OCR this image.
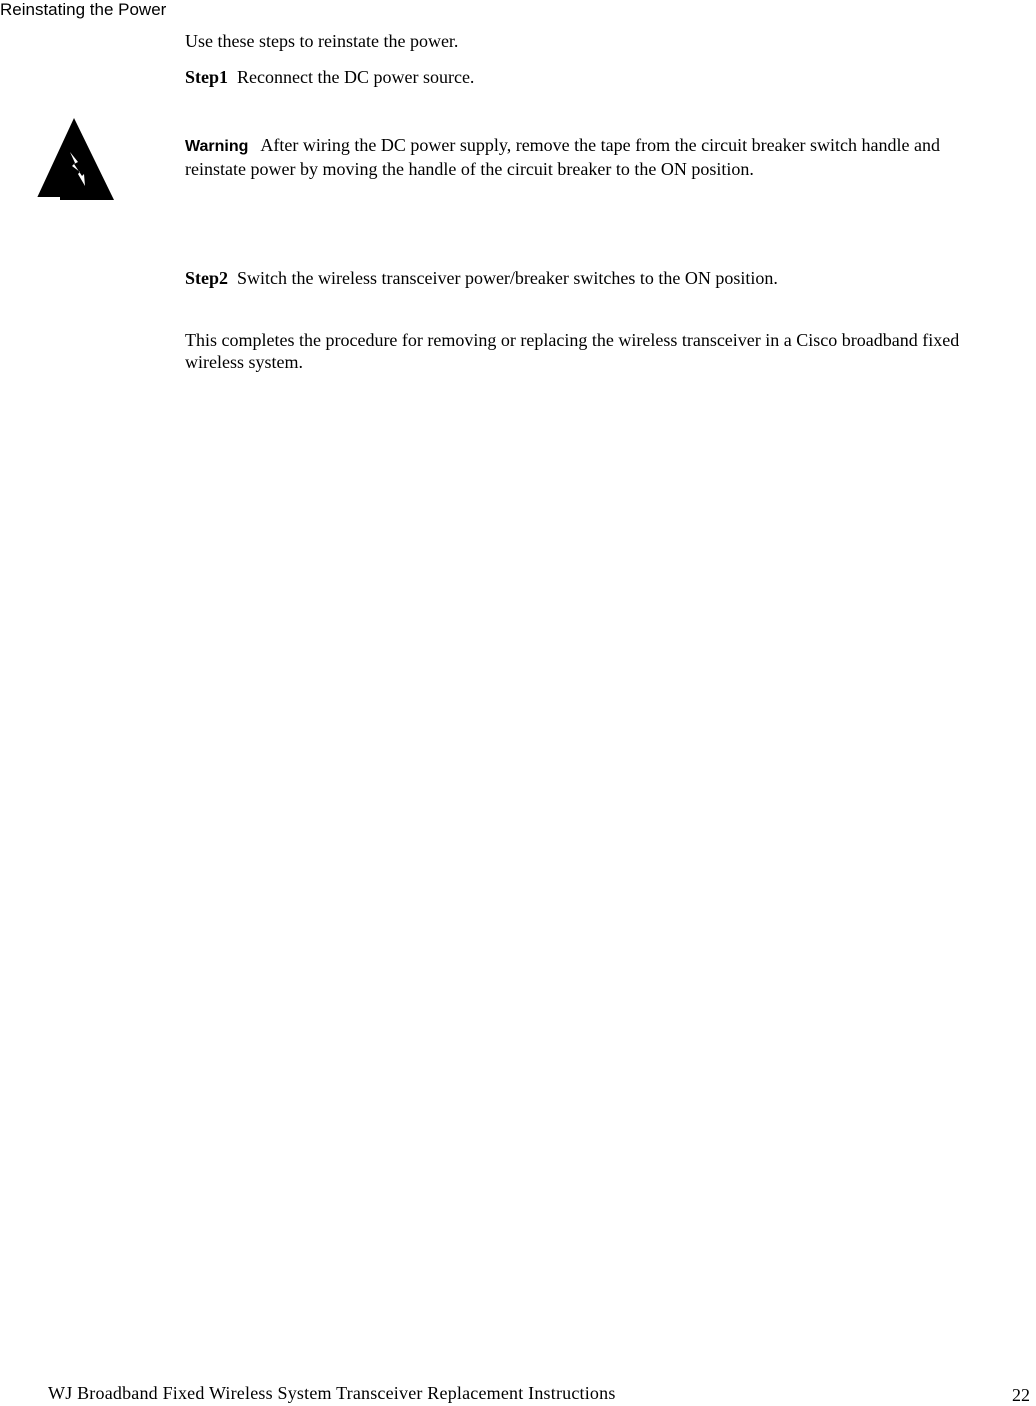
Reinstating the Power

Use these steps to reinstate the power.

Step1 Reconnect the DC power source.

Warning After wiring the DC power supply, remove the tape from the circuit breaker switch handle and reinstate power by moving the handle of the circuit breaker to the ON position.

Step2 Switch the wireless transceiver power/breaker switches to the ON position.

This completes the procedure for removing or replacing the wireless transceiver in a Cisco broadband fixed wireless system.

WJ Broadband Fixed Wireless System Transceiver Replacement Instructions	22
